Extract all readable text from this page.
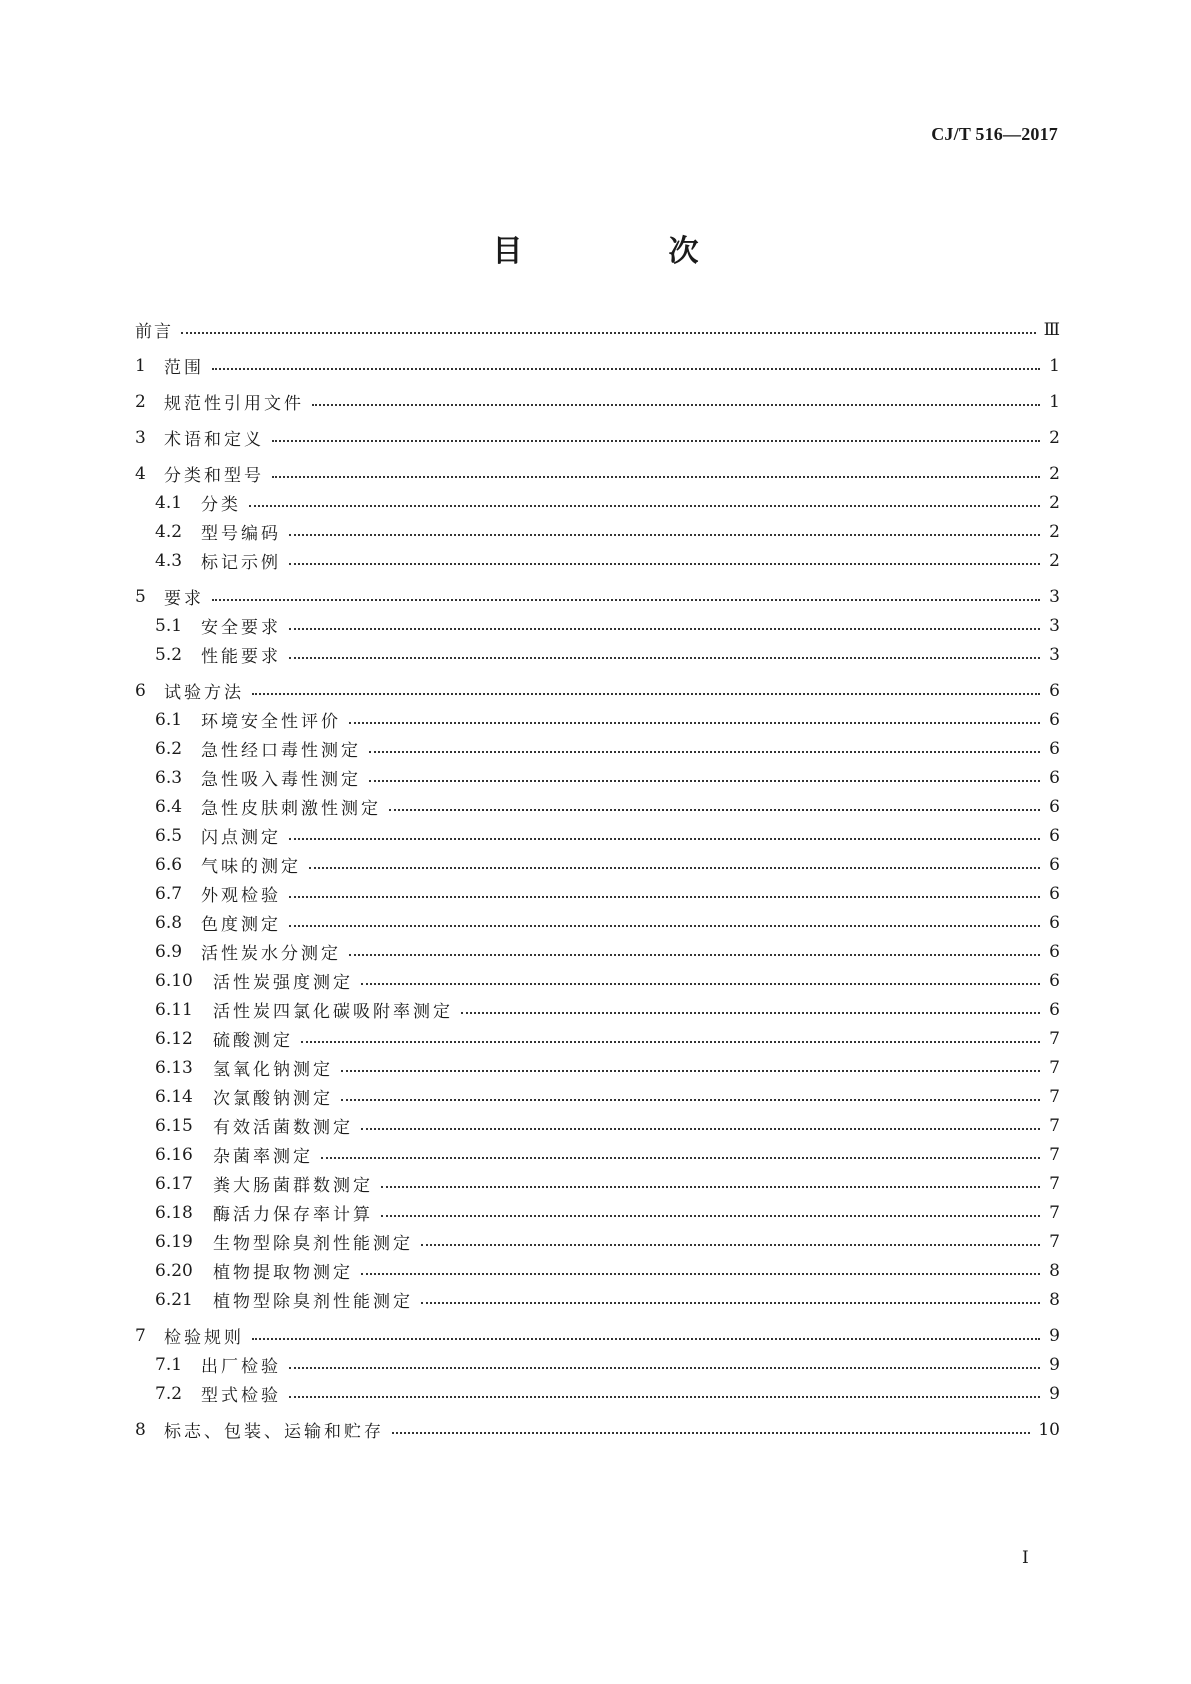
CJ/T 516—2017
目　次
前言	Ⅲ
1	范围	1
2	规范性引用文件	1
3	术语和定义	2
4	分类和型号	2
4.1	分类	2
4.2	型号编码	2
4.3	标记示例	2
5	要求	3
5.1	安全要求	3
5.2	性能要求	3
6	试验方法	6
6.1	环境安全性评价	6
6.2	急性经口毒性测定	6
6.3	急性吸入毒性测定	6
6.4	急性皮肤刺激性测定	6
6.5	闪点测定	6
6.6	气味的测定	6
6.7	外观检验	6
6.8	色度测定	6
6.9	活性炭水分测定	6
6.10	活性炭强度测定	6
6.11	活性炭四氯化碳吸附率测定	6
6.12	硫酸测定	7
6.13	氢氧化钠测定	7
6.14	次氯酸钠测定	7
6.15	有效活菌数测定	7
6.16	杂菌率测定	7
6.17	粪大肠菌群数测定	7
6.18	酶活力保存率计算	7
6.19	生物型除臭剂性能测定	7
6.20	植物提取物测定	8
6.21	植物型除臭剂性能测定	8
7	检验规则	9
7.1	出厂检验	9
7.2	型式检验	9
8	标志、包装、运输和贮存	10
I
